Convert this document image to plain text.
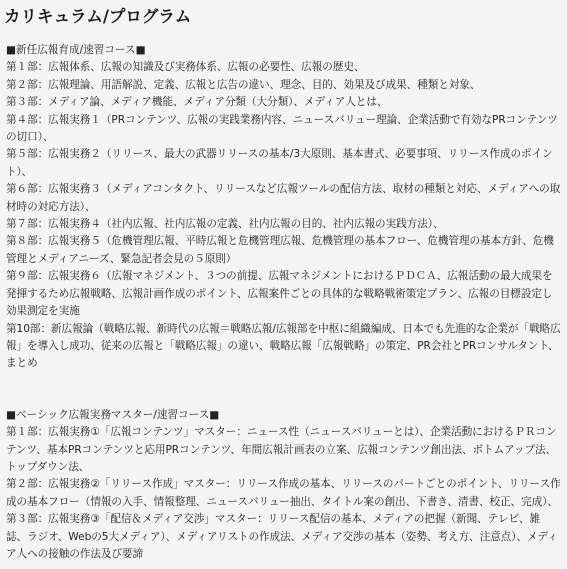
カリキュラム/プログラム
■新任広報育成/速習コース■
第１部：広報体系、広報の知識及び実務体系、広報の必要性、広報の歴史、
第２部：広報理論、用語解説、定義、広報と広告の違い、理念、目的、効果及び成果、種類と対象、
第３部：メディア論、メディア機能、メディア分類（大分類）、メディア人とは、
第４部：広報実務１（PRコンテンツ、広報の実践業務内容、ニュースバリュー理論、企業活動で有効なPRコンテンツの切口）、
第５部：広報実務２（リリース、最大の武器リリースの基本/3大原則、基本書式、必要事項、リリース作成のポイント）、
第６部：広報実務３（メディアコンタクト、リリースなど広報ツールの配信方法、取材の種類と対応、メディアへの取材時の対応方法）、
第７部：広報実務４（社内広報、社内広報の定義、社内広報の目的、社内広報の実践方法）、
第８部：広報実務５（危機管理広報、平時広報と危機管理広報、危機管理の基本フロー、危機管理の基本方針、危機管理とメディアニーズ、緊急記者会見の５原則）
第９部：広報実務６（広報マネジメント、３つの前提、広報マネジメントにおけるＰＤＣＡ、広報活動の最大成果を発揮するため広報戦略、広報計画作成のポイント、広報案件ごとの具体的な戦略戦術策定プラン、広報の目標設定し効果測定を実施
第10部：新広報論（戦略広報、新時代の広報＝戦略広報/広報部を中枢に組織編成、日本でも先進的な企業が「戦略広報」を導入し成功、従来の広報と「戦略広報」の違い、戦略広報「広報戦略」の策定、PR会社とPRコンサルタント、まとめ
■ベーシック広報実務マスター/速習コース■
第１部：広報実務①「広報コンテンツ」マスター：ニュース性（ニュースバリューとは）、企業活動におけるＰＲコンテンツ、基本PRコンテンツと応用PRコンテンツ、年間広報計画表の立案、広報コンテンツ創出法、ボトムアップ法、トップダウン法、
第２部：広報実務②「リリース作成」マスター：リリース作成の基本、リリースのパートごとのポイント、リリース作成の基本フロー（情報の入手、情報整理、ニュースバリュー抽出、タイトル案の創出、下書き、清書、校正、完成）、
第３部：広報実務③「配信＆メディア交渉」マスター：リリース配信の基本、メディアの把握（新聞、テレビ、雑誌、ラジオ、Webの5大メディア）、メディアリストの作成法、メディア交渉の基本（姿勢、考え方、注意点）、メディア人への接触の作法及び要諦
